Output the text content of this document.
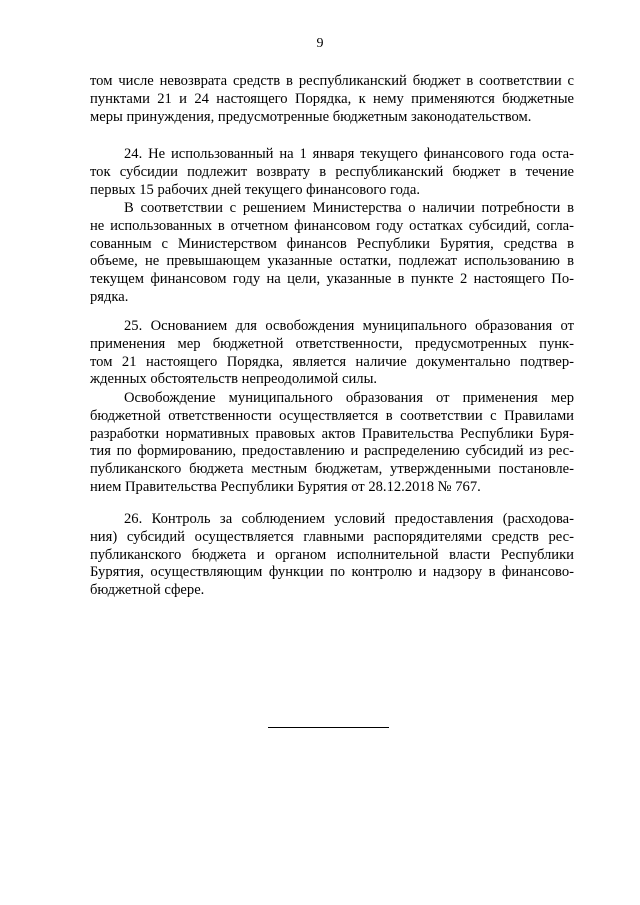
9
том числе невозврата средств в республиканский бюджет в соответствии с
пунктами 21 и 24 настоящего Порядка, к нему применяются бюджетные
меры принуждения, предусмотренные бюджетным законодательством.
24. Не использованный на 1 января текущего финансового года оста-
ток субсидии подлежит возврату в республиканский бюджет в течение
первых 15 рабочих дней текущего финансового года.
В соответствии с решением Министерства о наличии потребности в
не использованных в отчетном финансовом году остатках субсидий, согла-
сованным с Министерством финансов Республики Бурятия, средства в
объеме, не превышающем указанные остатки, подлежат использованию в
текущем финансовом году на цели, указанные в пункте 2 настоящего По-
рядка.
25. Основанием для освобождения муниципального образования от
применения мер бюджетной ответственности, предусмотренных пунк-
том 21 настоящего Порядка, является наличие документально подтвер-
жденных обстоятельств непреодолимой силы.
Освобождение муниципального образования от применения мер
бюджетной ответственности осуществляется в соответствии с Правилами
разработки нормативных правовых актов Правительства Республики Буря-
тия по формированию, предоставлению и распределению субсидий из рес-
публиканского бюджета местным бюджетам, утвержденными постановле-
нием Правительства Республики Бурятия от 28.12.2018 № 767.
26. Контроль за соблюдением условий предоставления (расходова-
ния) субсидий осуществляется главными распорядителями средств рес-
публиканского бюджета и органом исполнительной власти Республики
Бурятия, осуществляющим функции по контролю и надзору в финансово-
бюджетной сфере.
